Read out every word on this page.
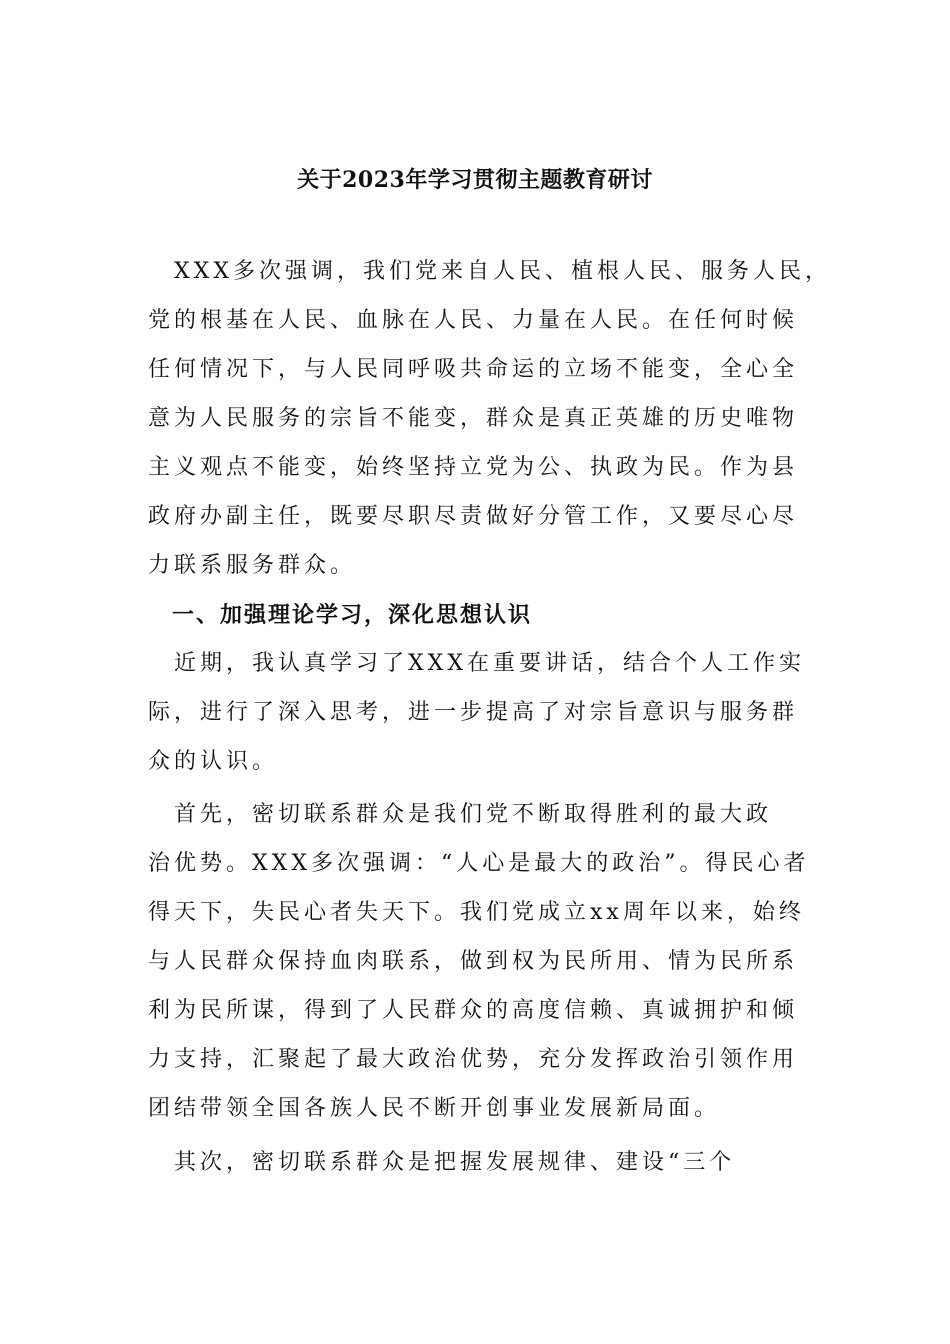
关于2023年学习贯彻主题教育研讨
　XXX多次强调，我们党来自人民、植根人民、服务人民，
党的根基在人民、血脉在人民、力量在人民。在任何时候
任何情况下，与人民同呼吸共命运的立场不能变，全心全
意为人民服务的宗旨不能变，群众是真正英雄的历史唯物
主义观点不能变，始终坚持立党为公、执政为民。作为县
政府办副主任，既要尽职尽责做好分管工作，又要尽心尽
力联系服务群众。
　一、加强理论学习，深化思想认识
　近期，我认真学习了XXX在重要讲话，结合个人工作实
际，进行了深入思考，进一步提高了对宗旨意识与服务群
众的认识。
　首先，密切联系群众是我们党不断取得胜利的最大政
治优势。XXX多次强调：“人心是最大的政治”。得民心者
得天下，失民心者失天下。我们党成立xx周年以来，始终
与人民群众保持血肉联系，做到权为民所用、情为民所系
利为民所谋，得到了人民群众的高度信赖、真诚拥护和倾
力支持，汇聚起了最大政治优势，充分发挥政治引领作用
团结带领全国各族人民不断开创事业发展新局面。
　其次，密切联系群众是把握发展规律、建设“三个
